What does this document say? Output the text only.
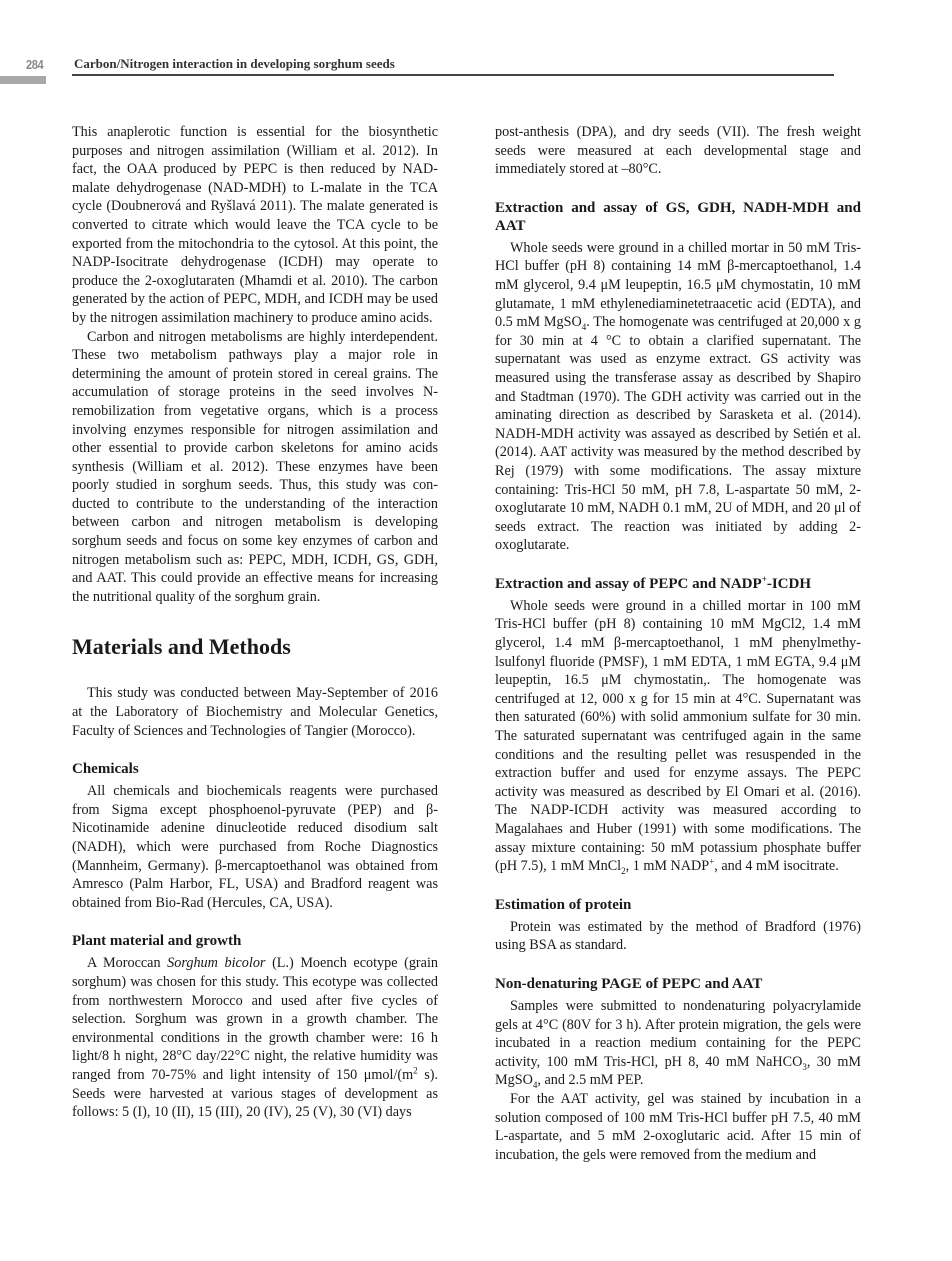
284 Carbon/Nitrogen interaction in developing sorghum seeds

This anaplerotic function is essential for the biosynthetic purposes and nitrogen assimilation (William et al. 2012). In fact, the OAA produced by PEPC is then reduced by NAD-malate dehydrogenase (NAD-MDH) to L-malate in the TCA cycle (Doubnerová and Ryšlavá 2011). The malate generated is converted to citrate which would leave the TCA cycle to be exported from the mitochondria to the cytosol. At this point, the NADP-Isocitrate dehydrogenase (ICDH) may operate to produce the 2-oxoglutaraten (Mhamdi et al. 2010). The carbon generated by the action of PEPC, MDH, and ICDH may be used by the nitrogen assimilation machinery to produce amino acids.

Carbon and nitrogen metabolisms are highly interdependent. These two metabolism pathways play a major role in determining the amount of protein stored in cereal grains. The accumulation of storage proteins in the seed involves N-remobilization from vegetative organs, which is a process involving enzymes responsible for nitrogen assimilation and other essential to provide carbon skeletons for amino acids synthesis (William et al. 2012). These enzymes have been poorly studied in sorghum seeds. Thus, this study was con-ducted to contribute to the understanding of the interaction between carbon and nitrogen metabolism is developing sorghum seeds and focus on some key enzymes of carbon and nitrogen metabolism such as: PEPC, MDH, ICDH, GS, GDH, and AAT. This could provide an effective means for increasing the nutritional quality of the sorghum grain.

Materials and Methods

This study was conducted between May-September of 2016 at the Laboratory of Biochemistry and Molecular Genetics, Faculty of Sciences and Technologies of Tangier (Morocco).

Chemicals

All chemicals and biochemicals reagents were purchased from Sigma except phosphoenol-pyruvate (PEP) and β-Nicotinamide adenine dinucleotide reduced disodium salt (NADH), which were purchased from Roche Diagnostics (Mannheim, Germany). β-mercaptoethanol was obtained from Amresco (Palm Harbor, FL, USA) and Bradford reagent was obtained from Bio-Rad (Hercules, CA, USA).

Plant material and growth

A Moroccan Sorghum bicolor (L.) Moench ecotype (grain sorghum) was chosen for this study. This ecotype was collected from northwestern Morocco and used after five cycles of selection. Sorghum was grown in a growth chamber. The environmental conditions in the growth chamber were: 16 h light/8 h night, 28°C day/22°C night, the relative humidity was ranged from 70-75% and light intensity of 150 μmol/($m^2$ s). Seeds were harvested at various stages of development as follows: 5 (I), 10 (II), 15 (III), 20 (IV), 25 (V), 30 (VI) days

post-anthesis (DPA), and dry seeds (VII). The fresh weight seeds were measured at each developmental stage and immediately stored at –80°C.

Extraction and assay of GS, GDH, NADH-MDH and AAT

Whole seeds were ground in a chilled mortar in 50 mM Tris-HCl buffer (pH 8) containing 14 mM β-mercaptoethanol, 1.4 mM glycerol, 9.4 μM leupeptin, 16.5 μM chymostatin, 10 mM glutamate, 1 mM ethylenediaminetetraacetic acid (EDTA), and 0.5 mM MgSO$_4$. The homogenate was centrifuged at 20,000 x g for 30 min at 4 °C to obtain a clarified supernatant. The supernatant was used as enzyme extract. GS activity was measured using the transferase assay as described by Shapiro and Stadtman (1970). The GDH activity was carried out in the aminating direction as described by Sarasketa et al. (2014). NADH-MDH activity was assayed as described by Setién et al. (2014). AAT activity was measured by the method described by Rej (1979) with some modifications. The assay mixture containing: Tris-HCl 50 mM, pH 7.8, L-aspartate 50 mM, 2-oxoglutarate 10 mM, NADH 0.1 mM, 2U of MDH, and 20 μl of seeds extract. The reaction was initiated by adding 2-oxoglutarate.

Extraction and assay of PEPC and NADP+-ICDH

Whole seeds were ground in a chilled mortar in 100 mM Tris-HCl buffer (pH 8) containing 10 mM MgCl2, 1.4 mM glycerol, 1.4 mM β-mercaptoethanol, 1 mM phenylmethy-lsulfonyl fluoride (PMSF), 1 mM EDTA, 1 mM EGTA, 9.4 μM leupeptin, 16.5 μM chymostatin,. The homogenate was centrifuged at 12, 000 x g for 15 min at 4°C. Supernatant was then saturated (60%) with solid ammonium sulfate for 30 min. The saturated supernatant was centrifuged again in the same conditions and the resulting pellet was resuspended in the extraction buffer and used for enzyme assays. The PEPC activity was measured as described by El Omari et al. (2016). The NADP-ICDH activity was measured according to Magalahaes and Huber (1991) with some modifications. The assay mixture containing: 50 mM potassium phosphate buffer (pH 7.5), 1 mM MnCl$_2$, 1 mM NADP+, and 4 mM isocitrate.

Estimation of protein

Protein was estimated by the method of Bradford (1976) using BSA as standard.

Non-denaturing PAGE of PEPC and AAT

Samples were submitted to nondenaturing polyacrylamide gels at 4°C (80V for 3 h). After protein migration, the gels were incubated in a reaction medium containing for the PEPC activity, 100 mM Tris-HCl, pH 8, 40 mM NaHCO$_3$, 30 mM MgSO$_4$, and 2.5 mM PEP.

For the AAT activity, gel was stained by incubation in a solution composed of 100 mM Tris-HCl buffer pH 7.5, 40 mM L-aspartate, and 5 mM 2-oxoglutaric acid. After 15 min of incubation, the gels were removed from the medium and
